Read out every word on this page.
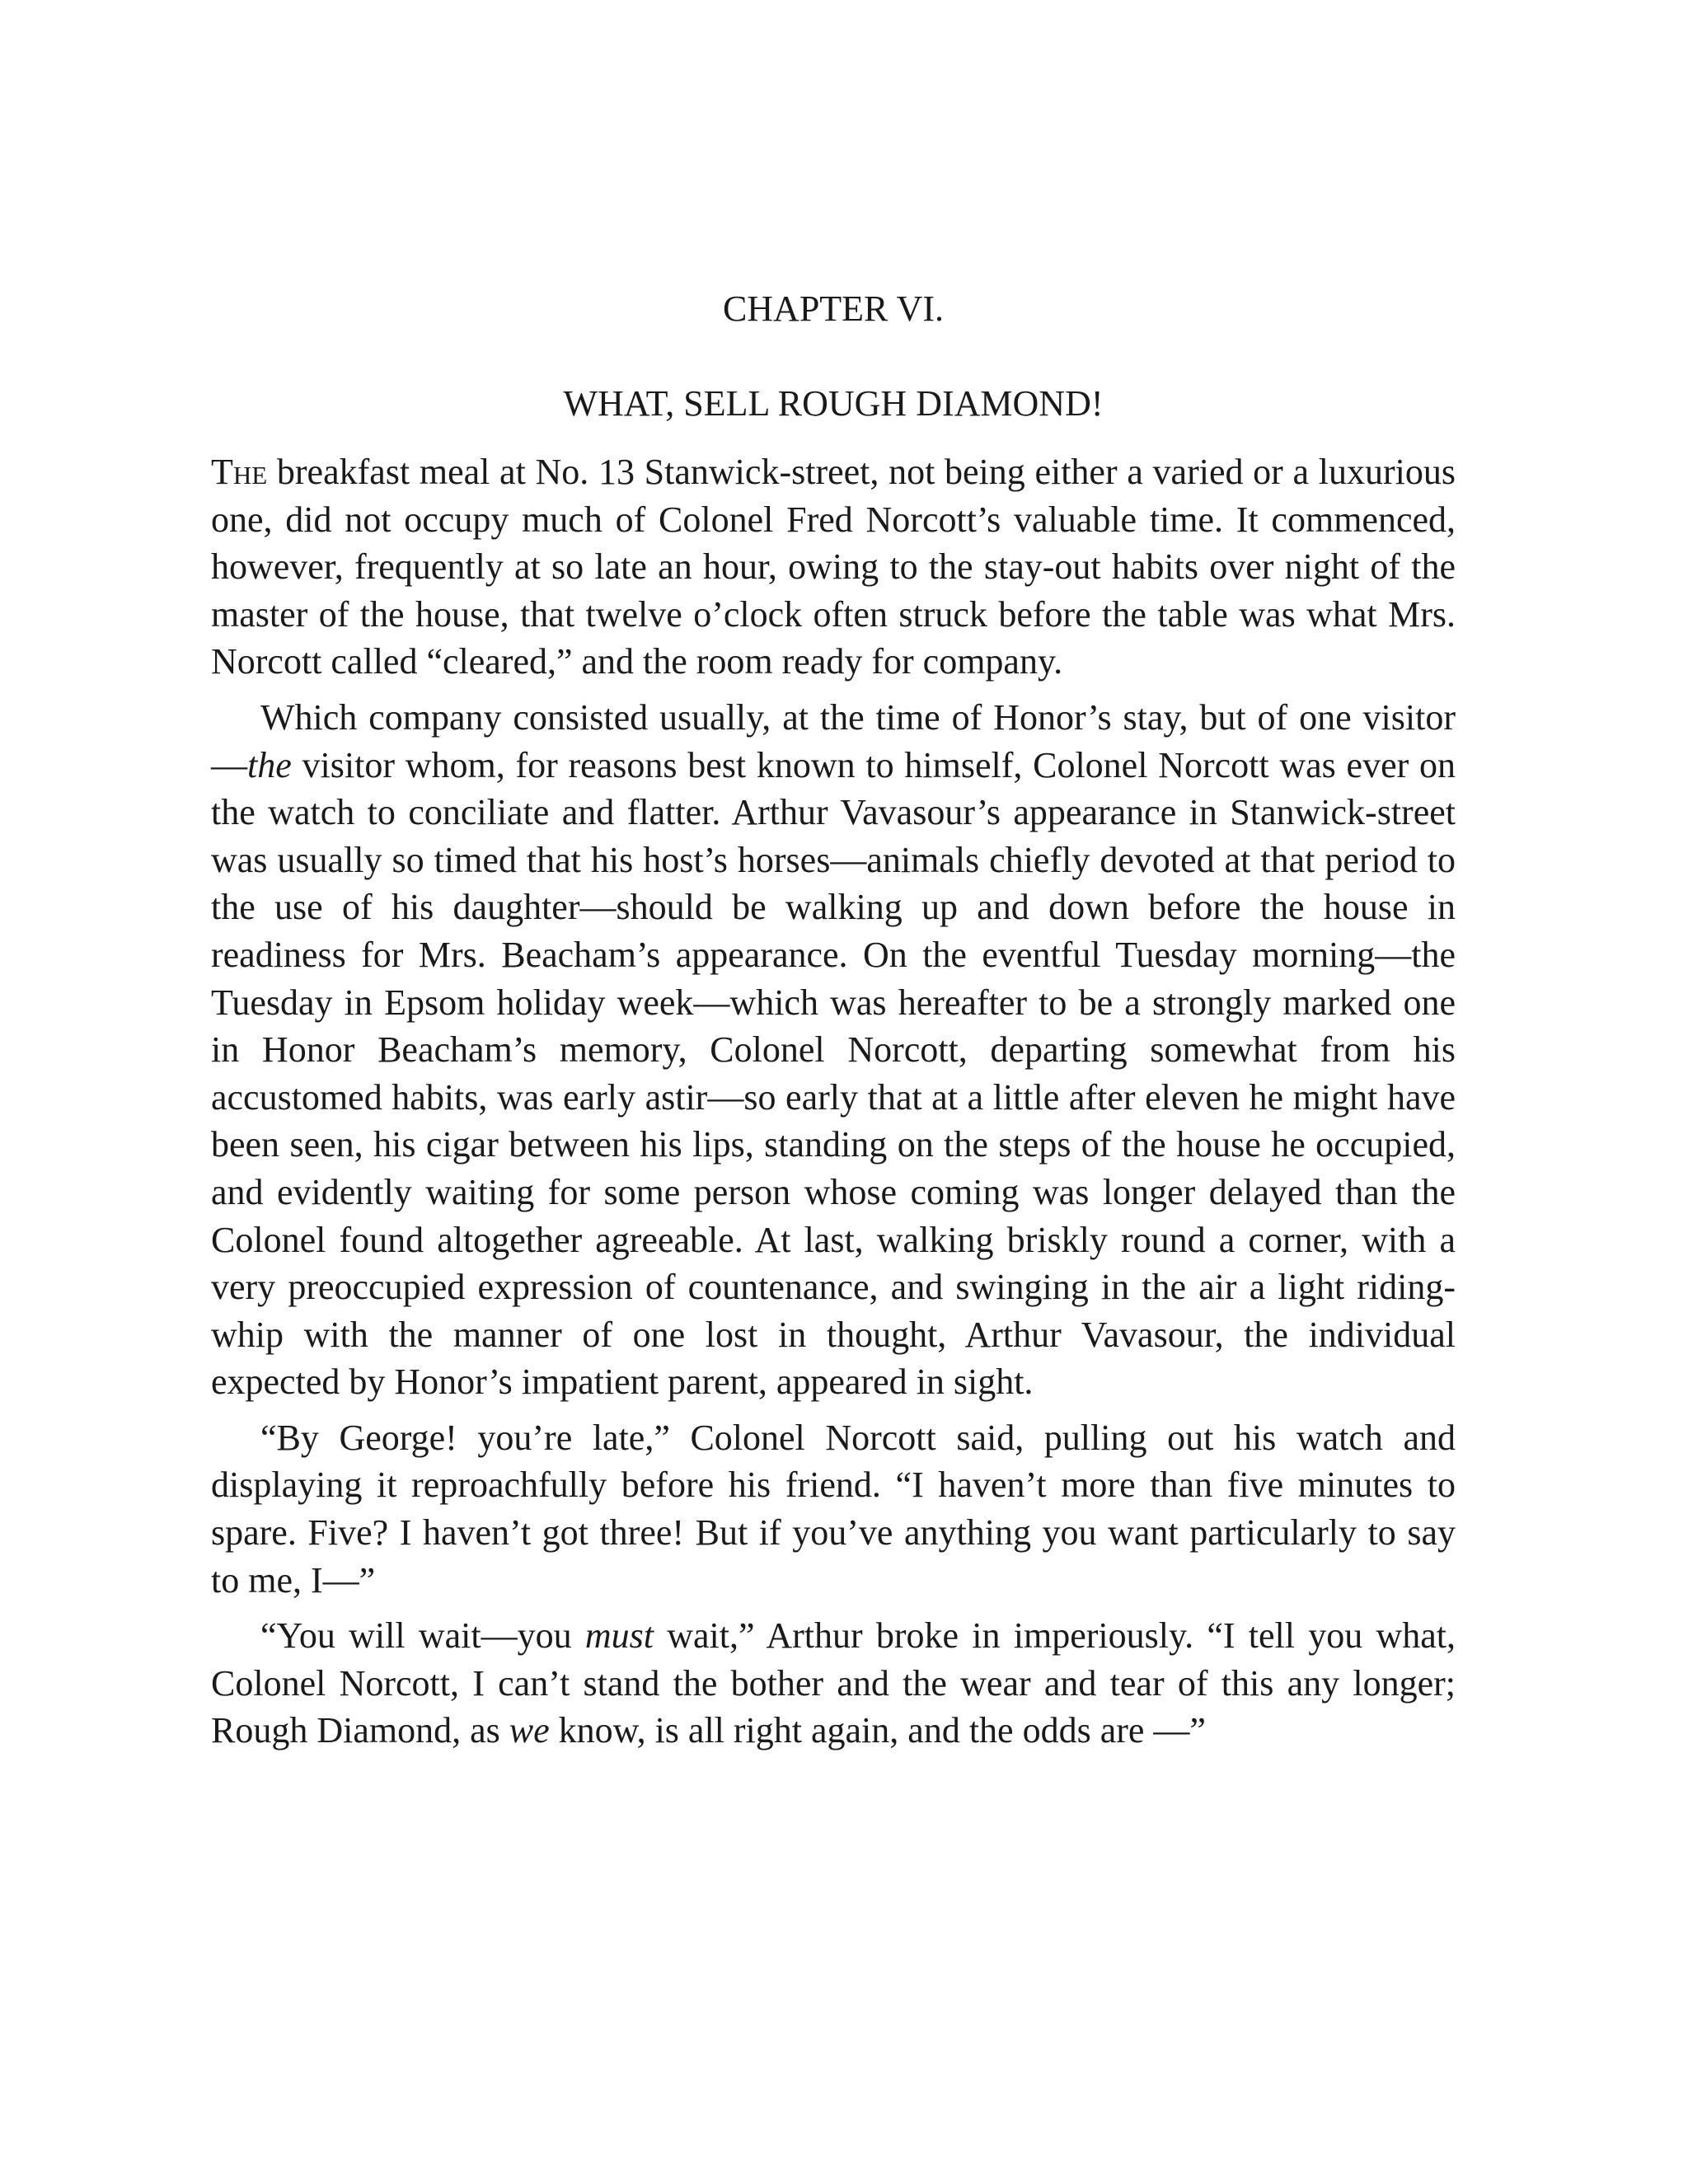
CHAPTER VI.
WHAT, SELL ROUGH DIAMOND!

The breakfast meal at No. 13 Stanwick-street, not being either a varied or a luxurious one, did not occupy much of Colonel Fred Norcott’s valuable time. It commenced, however, frequently at so late an hour, owing to the stay-out habits over night of the master of the house, that twelve o’clock often struck before the table was what Mrs. Norcott called “cleared,” and the room ready for company.

Which company consisted usually, at the time of Honor’s stay, but of one visitor—the visitor whom, for reasons best known to himself, Colonel Norcott was ever on the watch to conciliate and flatter. Arthur Vavasour’s appearance in Stanwick-street was usually so timed that his host’s horses—animals chiefly devoted at that period to the use of his daughter—should be walking up and down before the house in readiness for Mrs. Beacham’s appearance. On the eventful Tuesday morning—the Tuesday in Epsom holiday week—which was hereafter to be a strongly marked one in Honor Beacham’s memory, Colonel Norcott, departing somewhat from his accustomed habits, was early astir—so early that at a little after eleven he might have been seen, his cigar between his lips, standing on the steps of the house he occupied, and evidently waiting for some person whose coming was longer delayed than the Colonel found altogether agreeable. At last, walking briskly round a corner, with a very preoccupied expression of countenance, and swinging in the air a light riding-whip with the manner of one lost in thought, Arthur Vavasour, the individual expected by Honor’s impatient parent, appeared in sight.

“By George! you’re late,” Colonel Norcott said, pulling out his watch and displaying it reproachfully before his friend. “I haven’t more than five minutes to spare. Five? I haven’t got three! But if you’ve anything you want particularly to say to me, I—”

“You will wait—you must wait,” Arthur broke in imperiously. “I tell you what, Colonel Norcott, I can’t stand the bother and the wear and tear of this any longer; Rough Diamond, as we know, is all right again, and the odds are —”
